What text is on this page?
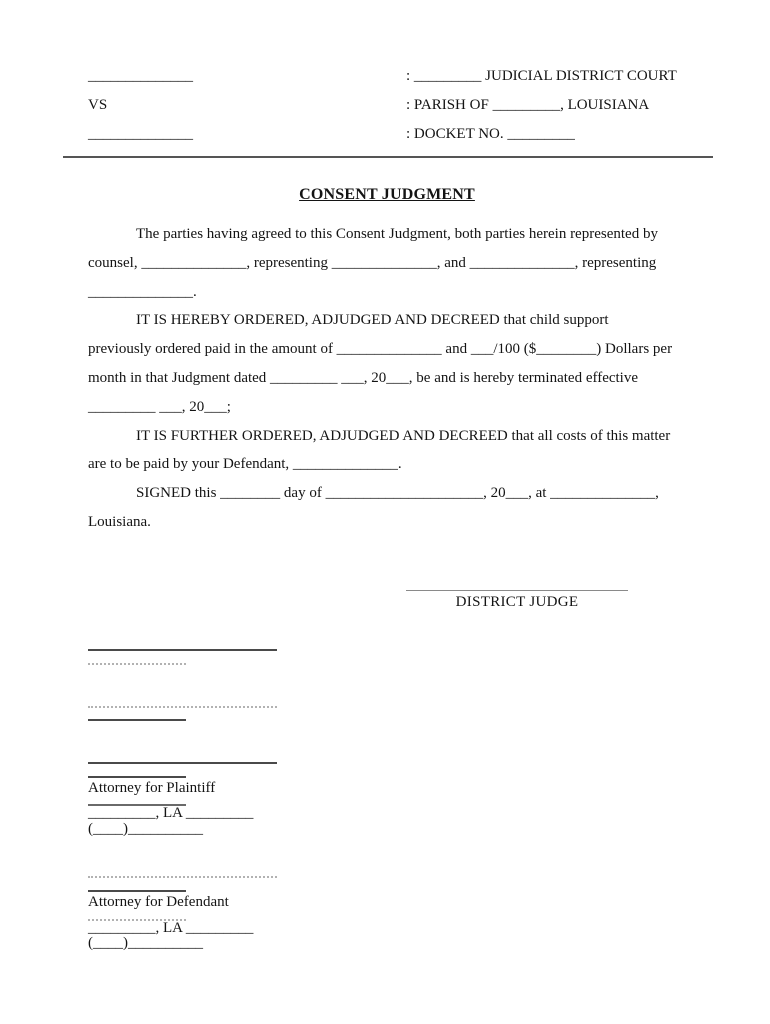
______________	: _________ JUDICIAL DISTRICT COURT
VS	: PARISH OF _________, LOUISIANA
______________	: DOCKET NO. _________
CONSENT JUDGMENT
The parties having agreed to this Consent Judgment, both parties herein represented by
counsel, ______________, representing ______________, and ______________, representing
______________.
IT IS HEREBY ORDERED, ADJUDGED AND DECREED that child support
previously ordered paid in the amount of ______________ and ___/100 ($________) Dollars per
month in that Judgment dated _________ ___, 20___, be and is hereby terminated effective
_________ ___, 20___;
IT IS FURTHER ORDERED, ADJUDGED AND DECREED that all costs of this matter
are to be paid by your Defendant, ______________.
SIGNED this ________ day of _____________________, 20___, at ______________,
Louisiana.
DISTRICT JUDGE
Attorney for Plaintiff
_________, LA _________
(____)__________
Attorney for Defendant
_________, LA _________
(____)__________
